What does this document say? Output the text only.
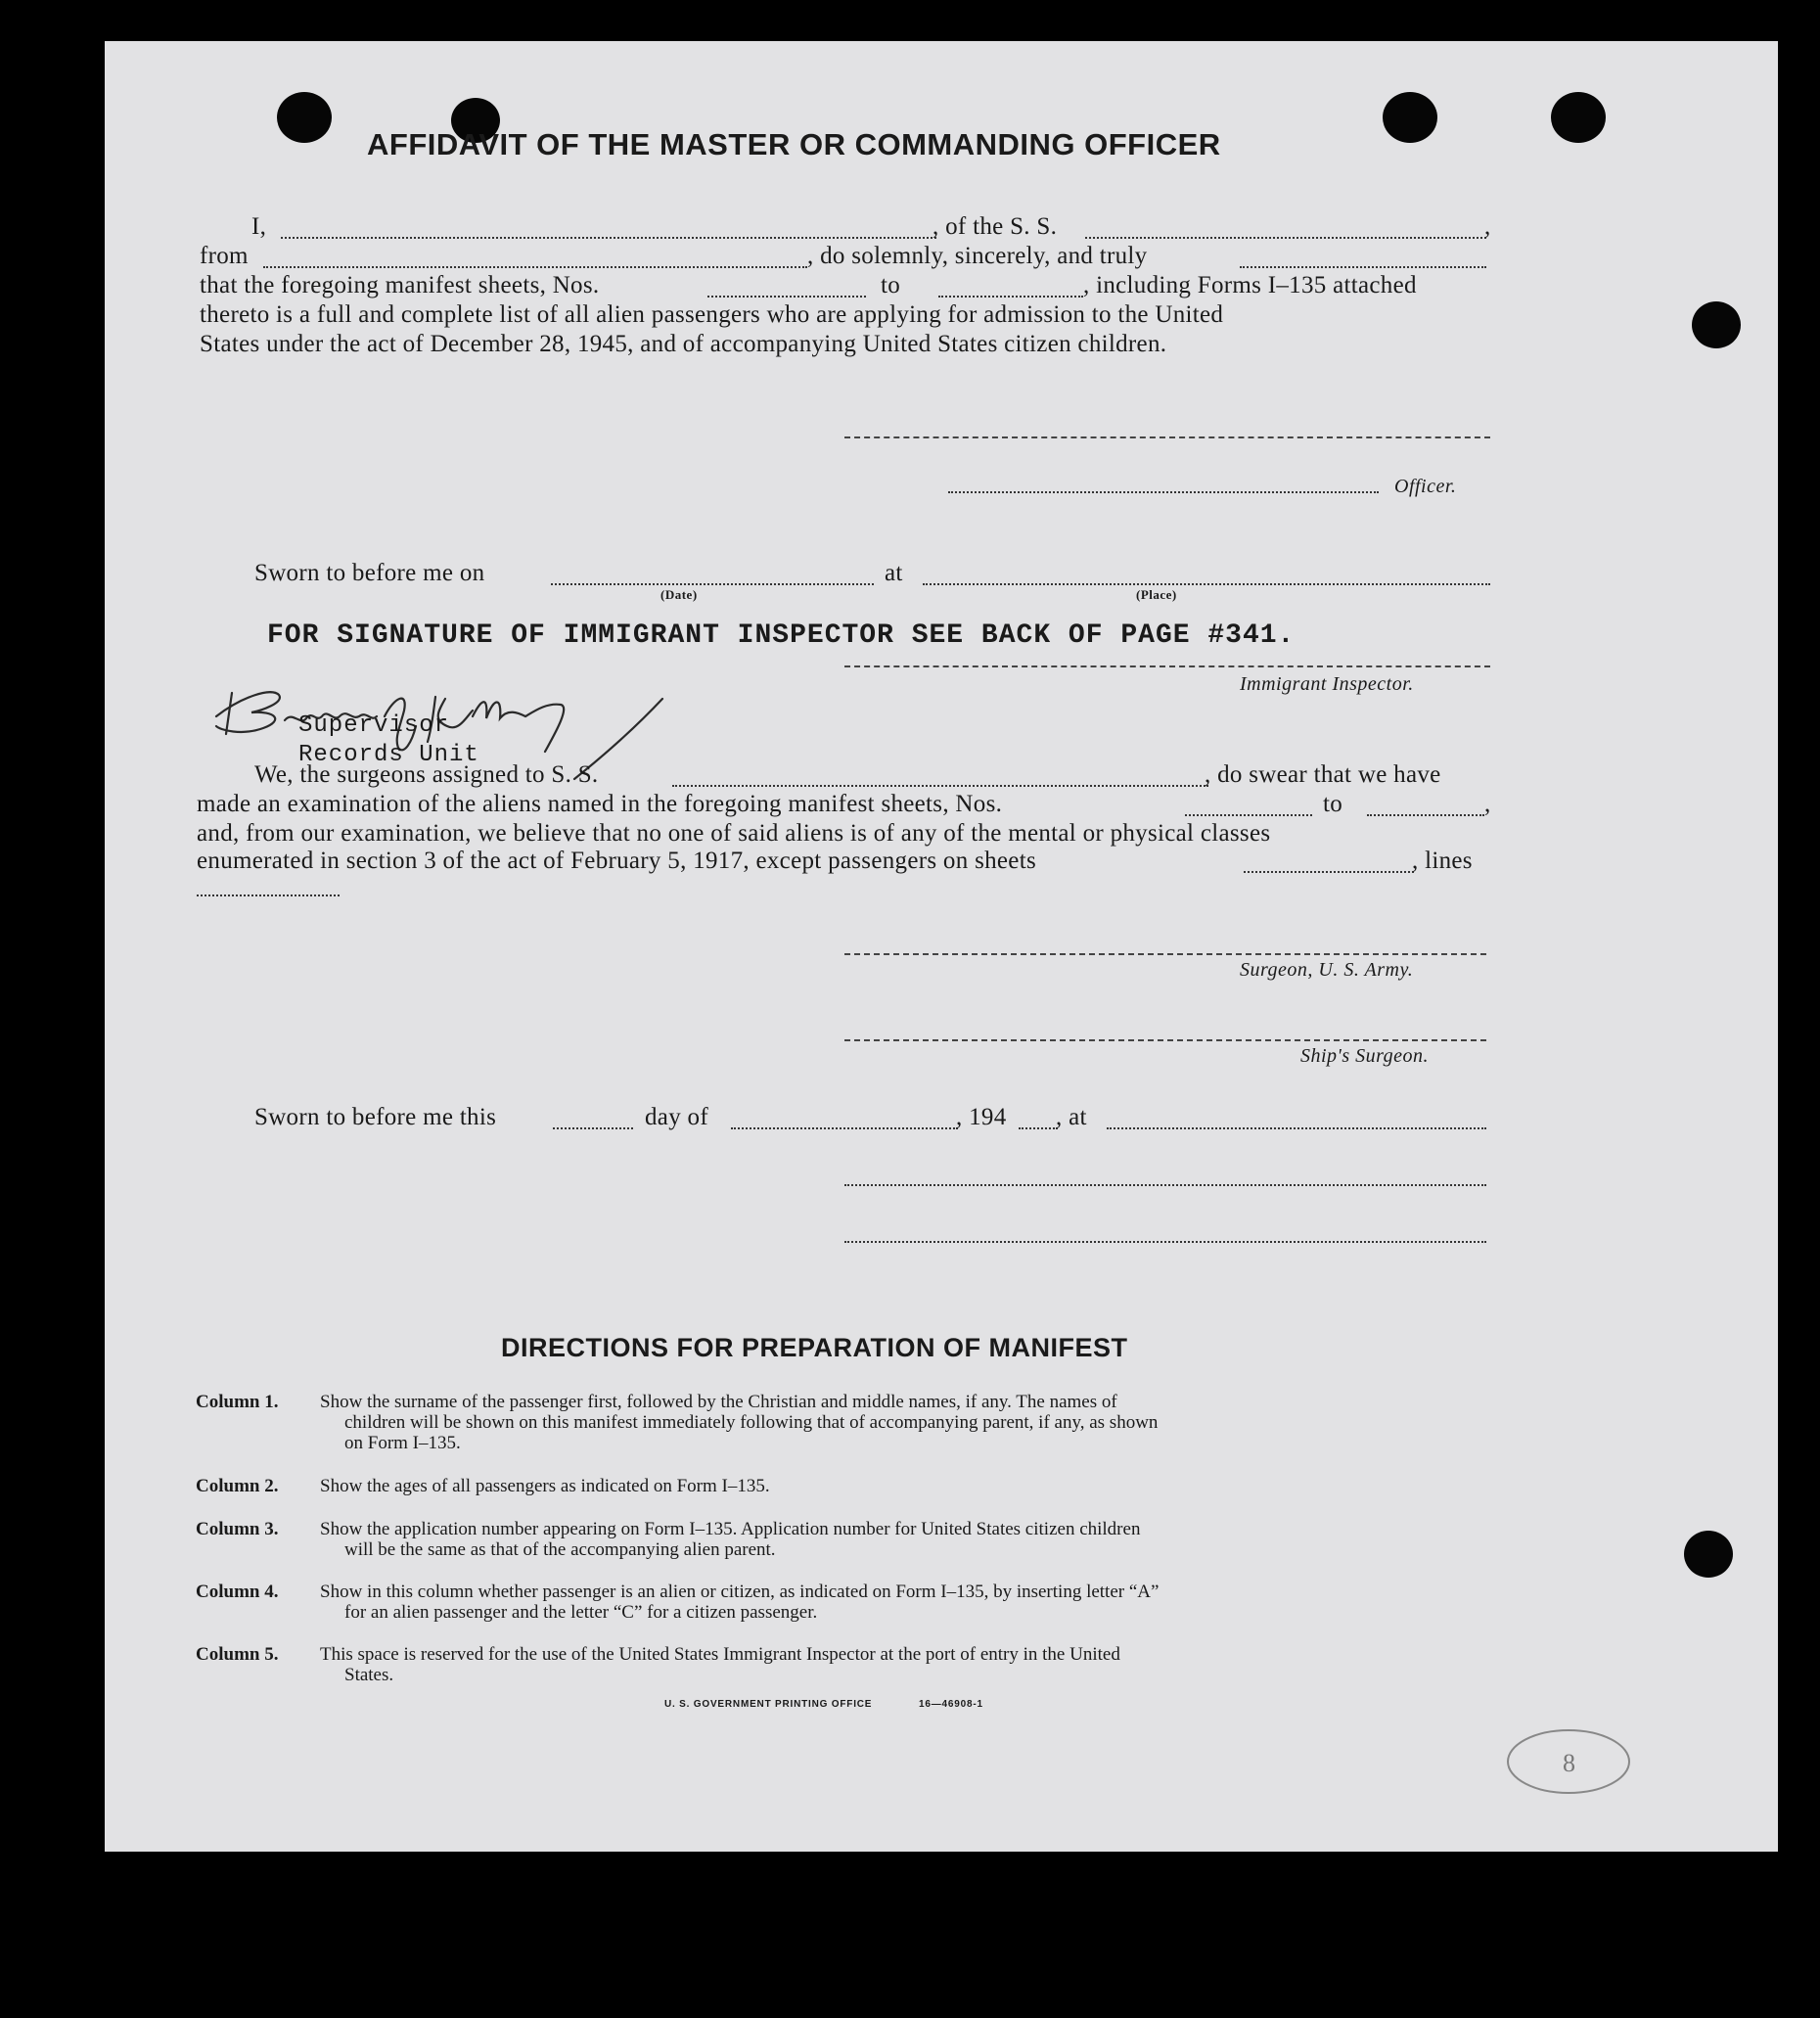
AFFIDAVIT OF THE MASTER OR COMMANDING OFFICER
I,	, of the S. S.	,
from	, do solemnly, sincerely, and truly
that the foregoing manifest sheets, Nos.	to	, including Forms I–135 attached
thereto is a full and complete list of all alien passengers who are applying for admission to the United
States under the act of December 28, 1945, and of accompanying United States citizen children.
Officer.
Sworn to before me on	at
(Date)	(Place)
FOR SIGNATURE OF IMMIGRANT INSPECTOR SEE BACK OF PAGE #341.
Immigrant Inspector.
Supervisor
Records Unit
We, the surgeons assigned to S. S.	, do swear that we have
made an examination of the aliens named in the foregoing manifest sheets, Nos.	to	,
and, from our examination, we believe that no one of said aliens is of any of the mental or physical classes
enumerated in section 3 of the act of February 5, 1917, except passengers on sheets	, lines
Surgeon, U. S. Army.
Ship's Surgeon.
Sworn to before me this	day of	, 194 , at
DIRECTIONS FOR PREPARATION OF MANIFEST
Column 1. Show the surname of the passenger first, followed by the Christian and middle names, if any. The names of
children will be shown on this manifest immediately following that of accompanying parent, if any, as shown
on Form I–135.
Column 2. Show the ages of all passengers as indicated on Form I–135.
Column 3. Show the application number appearing on Form I–135. Application number for United States citizen children
will be the same as that of the accompanying alien parent.
Column 4. Show in this column whether passenger is an alien or citizen, as indicated on Form I–135, by inserting letter “A”
for an alien passenger and the letter “C” for a citizen passenger.
Column 5. This space is reserved for the use of the United States Immigrant Inspector at the port of entry in the United
States.
U. S. GOVERNMENT PRINTING OFFICE	16—46908-1
8
